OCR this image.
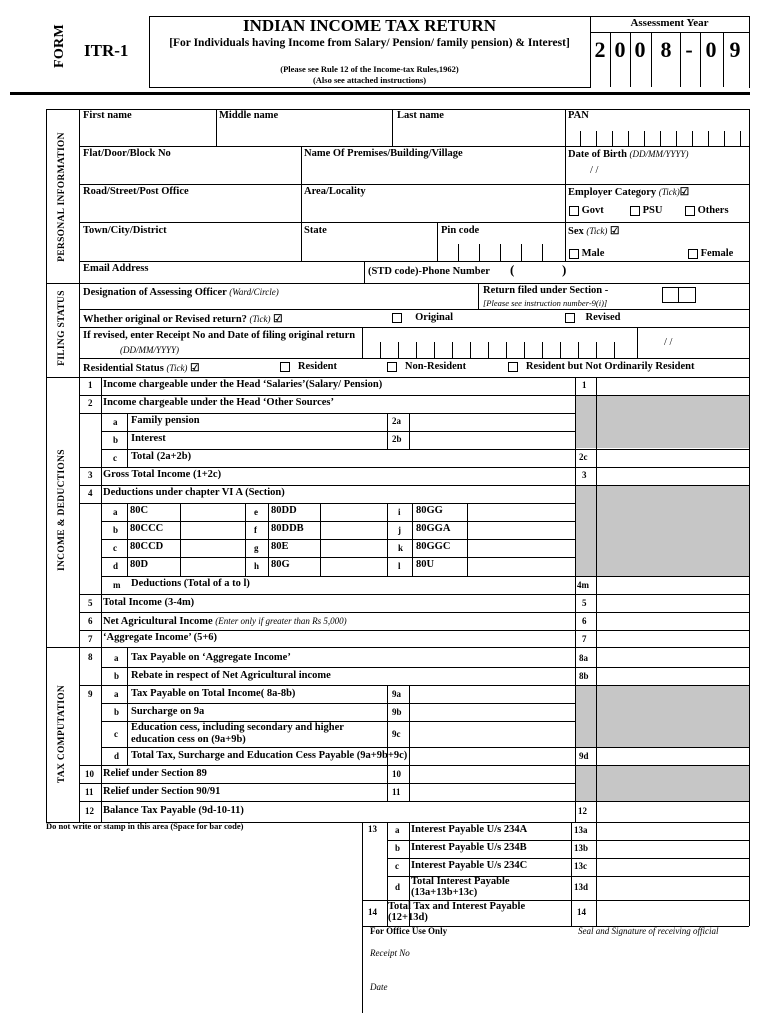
FORM ITR-1
INDIAN INCOME TAX RETURN
[For Individuals having Income from Salary/ Pension/ family pension) & Interest]
(Please see Rule 12 of the Income-tax Rules,1962)
(Also see attached instructions)
Assessment Year
2 0 0 8 - 0 9
PERSONAL INFORMATION
FILING STATUS
INCOME & DEDUCTIONS
TAX COMPUTATION
First name	Middle name	Last name	PAN
Flat/Door/Block No	Name Of Premises/Building/Village	Date of Birth (DD/MM/YYYY)
/ /
Road/Street/Post Office	Area/Locality	Employer Category (Tick)☑
Govt	PSU	Others
Town/City/District	State	Pin code	Sex (Tick) ☑
Male	Female
Email Address	(STD code)-Phone Number (	)
Designation of Assessing Officer (Ward/Circle)	Return filed under Section -
[Please see instruction number-9(i)]
Whether original or Revised return? (Tick) ☑	Original	Revised
If revised, enter Receipt No and Date of filing original return
(DD/MM/YYYY)
/ /
Residential Status (Tick) ☑	Resident	Non-Resident	Resident but Not Ordinarily Resident
1 Income chargeable under the Head ‘Salaries’(Salary/ Pension)	1
2 Income chargeable under the Head ‘Other Sources’
a Family pension	2a
b Interest	2b
c Total (2a+2b)	2c
3 Gross Total Income (1+2c)	3
4 Deductions under chapter VI A (Section)
a 80C	e 80DD	i 80GG
b 80CCC	f 80DDB	j 80GGA
c 80CCD	g 80E	k 80GGC
d 80D	h 80G	l 80U
m Deductions (Total of a to l)	4m
5 Total Income (3-4m)	5
6 Net Agricultural Income (Enter only if greater than Rs 5,000)	6
7 ‘Aggregate Income’ (5+6)	7
8 a Tax Payable on ‘Aggregate Income’	8a
b Rebate in respect of Net Agricultural income	8b
9 a Tax Payable on Total Income( 8a-8b)	9a
b Surcharge on 9a	9b
c
Education cess, including secondary and higher
education cess on (9a+9b)	9c
d Total Tax, Surcharge and Education Cess Payable (9a+9b+9c)	9d
10 Relief under Section 89	10
11 Relief under Section 90/91	11
12 Balance Tax Payable (9d-10-11)	12
Do not write or stamp in this area (Space for bar code)	13 a Interest Payable U/s 234A	13a
b Interest Payable U/s 234B	13b
c Interest Payable U/s 234C	13c
d Total Interest Payable
(13a+13b+13c)	13d
14 Total Tax and Interest Payable
(12+13d)	14
For Office Use Only	Seal and Signature of receiving official
Receipt No
Date
